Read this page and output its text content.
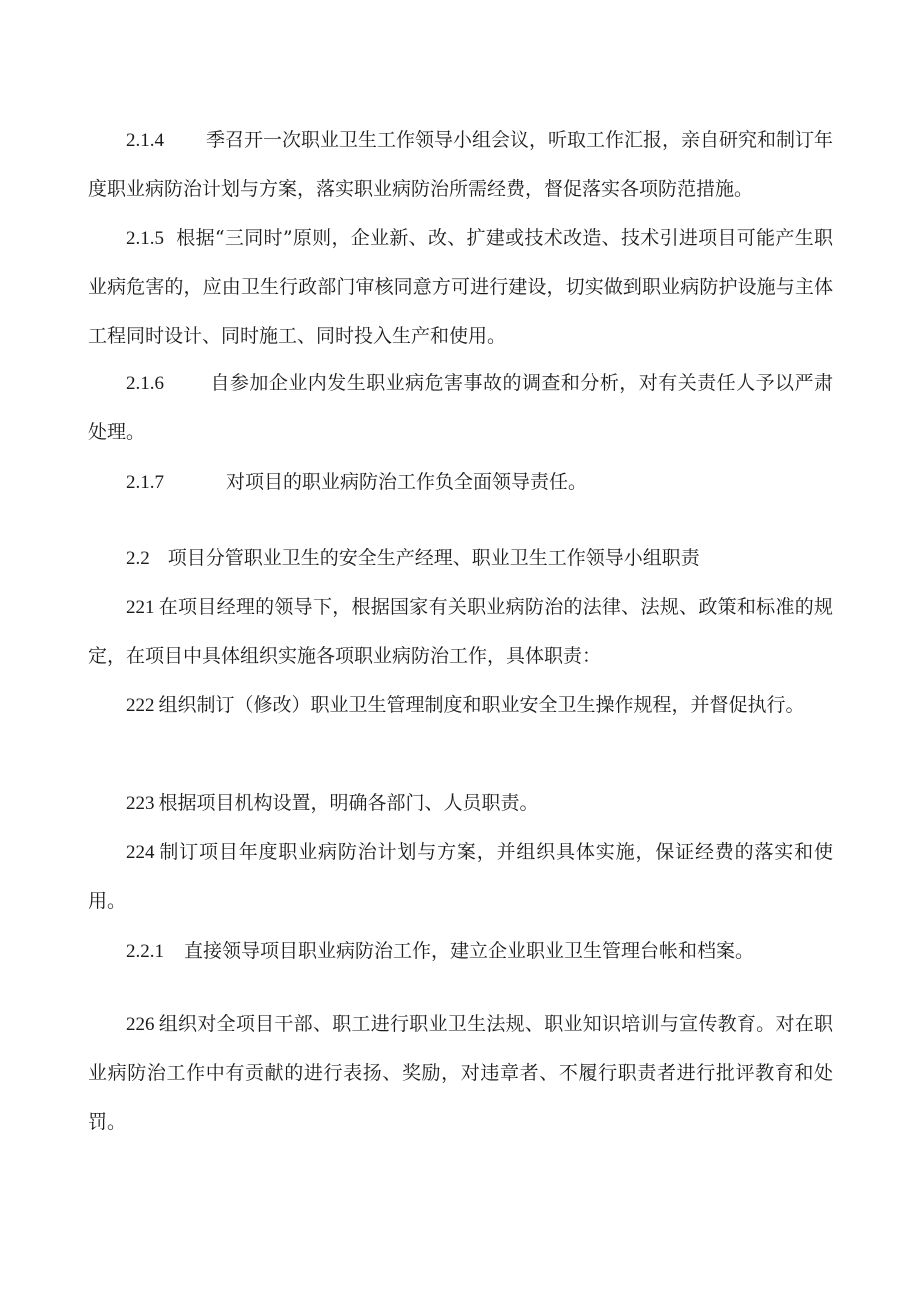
2.1.4 季召开一次职业卫生工作领导小组会议，听取工作汇报，亲自研究和制订年度职业病防治计划与方案，落实职业病防治所需经费，督促落实各项防范措施。

2.1.5 根据“三同时”原则，企业新、改、扩建或技术改造、技术引进项目可能产生职业病危害的，应由卫生行政部门审核同意方可进行建设，切实做到职业病防护设施与主体工程同时设计、同时施工、同时投入生产和使用。

2.1.6 自参加企业内发生职业病危害事故的调查和分析，对有关责任人予以严肃处理。

2.1.7	对项目的职业病防治工作负全面领导责任。

2.2 项目分管职业卫生的安全生产经理、职业卫生工作领导小组职责

221 在项目经理的领导下，根据国家有关职业病防治的法律、法规、政策和标准的规定，在项目中具体组织实施各项职业病防治工作，具体职责：

222 组织制订（修改）职业卫生管理制度和职业安全卫生操作规程，并督促执行。

223 根据项目机构设置，明确各部门、人员职责。

224 制订项目年度职业病防治计划与方案，并组织具体实施，保证经费的落实和使用。

2.2.1 直接领导项目职业病防治工作，建立企业职业卫生管理台帐和档案。

226 组织对全项目干部、职工进行职业卫生法规、职业知识培训与宣传教育。对在职业病防治工作中有贡献的进行表扬、奖励，对违章者、不履行职责者进行批评教育和处罚。
